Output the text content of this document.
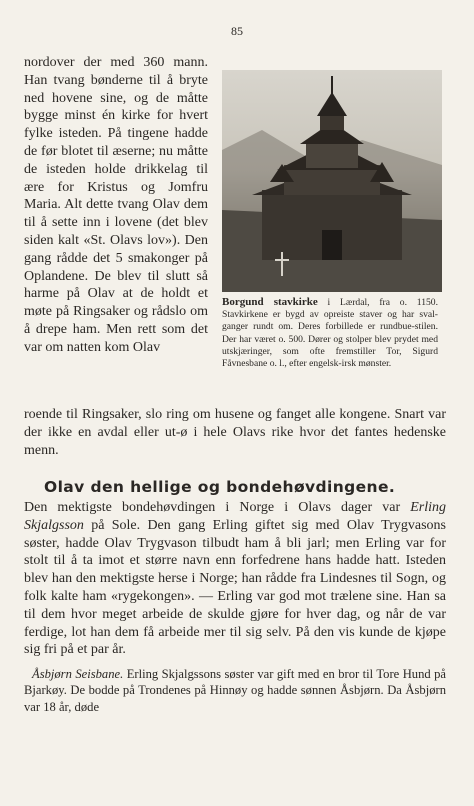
85
nordover der med 360 mann. Han tvang bønderne til å bryte ned hovene sine, og de måtte bygge minst én kirke for hvert fylke isteden. På tingene hadde de før blotet til æserne; nu måtte de isteden holde drikkelag til ære for Kristus og Jomfru Maria. Alt dette tvang Olav dem til å sette inn i lovene (det blev siden kalt «St. Olavs lov»). Den gang rådde det 5 smakonger på Oplandene. De blev til slutt så harme på Olav at de holdt et møte på Ringsaker og rådslo om å drepe ham. Men rett som det var om natten kom Olav
Borgund stavkirke i Lærdal, fra o. 1150. Stavkirkene er bygd av opreiste staver og har sval-ganger rundt om. Deres forbillede er rundbue-stilen. Der har været o. 500. Dører og stolper blev prydet med utskjæringer, som ofte fremstiller Tor, Sigurd Fåvnesbane o. l., efter engelsk-irsk mønster.
roende til Ringsaker, slo ring om husene og fanget alle kongene. Snart var der ikke en avdal eller ut-ø i hele Olavs rike hvor det fantes hedenske menn.
Olav den hellige og bondehøvdingene.
Den mektigste bondehøvdingen i Norge i Olavs dager var Erling Skjalgsson på Sole. Den gang Erling giftet sig med Olav Trygvasons søster, hadde Olav Trygvason tilbudt ham å bli jarl; men Erling var for stolt til å ta imot et større navn enn forfedrene hans hadde hatt. Isteden blev han den mektigste herse i Norge; han rådde fra Lindesnes til Sogn, og folk kalte ham «rygekongen». — Erling var god mot trælene sine. Han sa til dem hvor meget arbeide de skulde gjøre for hver dag, og når de var ferdige, lot han dem få arbeide mer til sig selv. På den vis kunde de kjøpe sig fri på et par år.
Åsbjørn Seisbane. Erling Skjalgssons søster var gift med en bror til Tore Hund på Bjarkøy. De bodde på Trondenes på Hinnøy og hadde sønnen Åsbjørn. Da Åsbjørn var 18 år, døde
